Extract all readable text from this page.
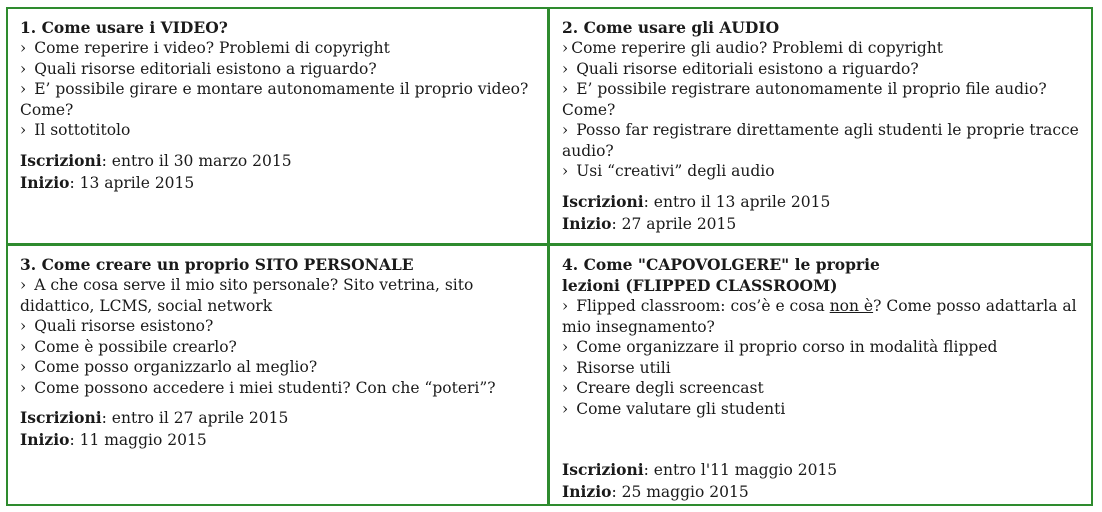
1. Come usare i VIDEO?

› Come reperire i video? Problemi di copyright
› Quali risorse editoriali esistono a riguardo?
› E’ possibile girare e montare autonomamente il proprio video? Come?
› Il sottotitolo
Iscrizioni: entro il 30 marzo 2015
Inizio: 13 aprile 2015

2. Come usare gli AUDIO

› Come reperire gli audio? Problemi di copyright
› Quali risorse editoriali esistono a riguardo?
› E’ possibile registrare autonomamente il proprio file audio? Come?
› Posso far registrare direttamente agli studenti le proprie tracce audio?
› Usi “creativi” degli audio
Iscrizioni: entro il 13 aprile 2015
Inizio: 27 aprile 2015

3. Come creare un proprio SITO PERSONALE

› A che cosa serve il mio sito personale? Sito vetrina, sito didattico, LCMS, social network
› Quali risorse esistono?
› Come è possibile crearlo?
› Come posso organizzarlo al meglio?
› Come possono accedere i miei studenti? Con che “poteri”?
Iscrizioni: entro il 27 aprile 2015
Inizio: 11 maggio 2015

4. Come "CAPOVOLGERE" le proprie
lezioni (FLIPPED CLASSROOM)

› Flipped classroom: cos’è e cosa non è? Come posso adattarla al mio insegnamento?
› Come organizzare il proprio corso in modalità flipped
› Risorse utili
› Creare degli screencast
› Come valutare gli studenti
Iscrizioni: entro l'11 maggio 2015
Inizio: 25 maggio 2015
